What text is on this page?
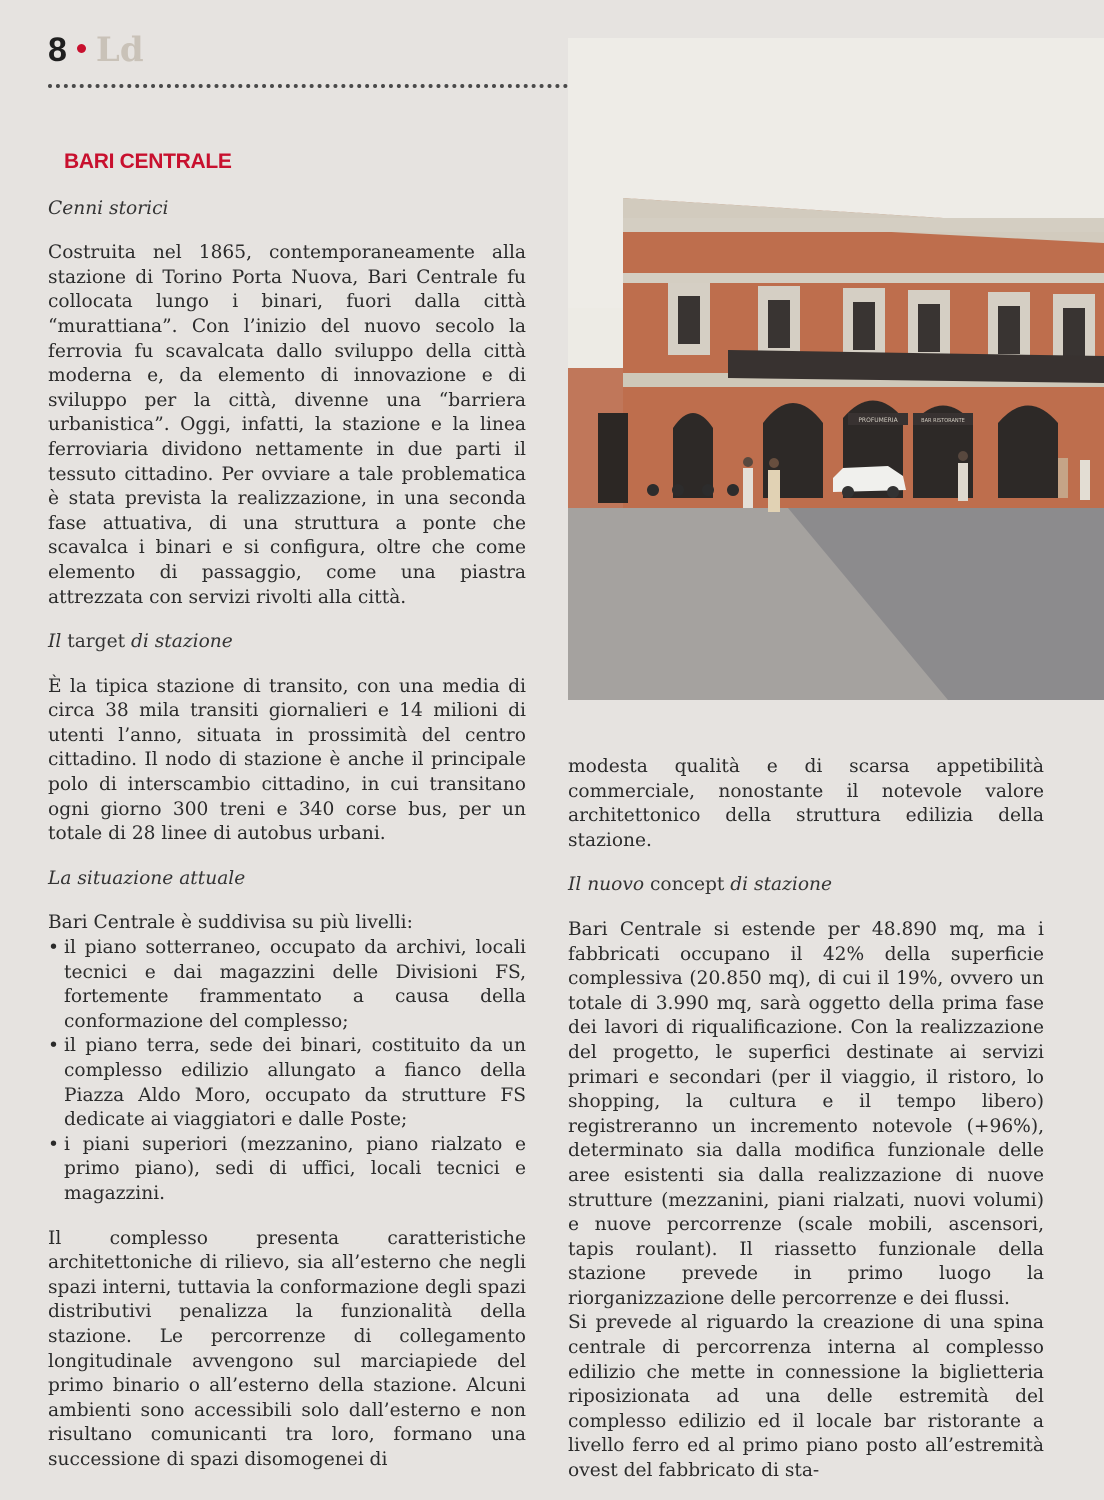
8 Ld
PROFUMERIA	BAR RISTORANTE
BARI CENTRALE
Cenni storici

Costruita nel 1865, contemporaneamente alla stazione di Torino Porta Nuova, Bari Centrale fu collocata lungo i binari, fuori dalla città “murattiana”. Con l’inizio del nuovo secolo la ferrovia fu scavalcata dallo sviluppo della città moderna e, da elemento di innovazione e di sviluppo per la città, divenne una “barriera urbanistica”. Oggi, infatti, la stazione e la linea ferroviaria dividono nettamente in due parti il tessuto cittadino. Per ovviare a tale problematica è stata prevista la realizzazione, in una seconda fase attuativa, di una struttura a ponte che scavalca i binari e si configura, oltre che come elemento di passaggio, come una piastra attrezzata con servizi rivolti alla città.

Il target di stazione

È la tipica stazione di transito, con una media di circa 38 mila transiti giornalieri e 14 milioni di utenti l’anno, situata in prossimità del centro cittadino. Il nodo di stazione è anche il principale polo di interscambio cittadino, in cui transitano ogni giorno 300 treni e 340 corse bus, per un totale di 28 linee di autobus urbani.

La situazione attuale

Bari Centrale è suddivisa su più livelli:

• il piano sotterraneo, occupato da archivi, locali tecnici e dai magazzini delle Divisioni FS, fortemente frammentato a causa della conformazione del complesso;
• il piano terra, sede dei binari, costituito da un complesso edilizio allungato a fianco della Piazza Aldo Moro, occupato da strutture FS dedicate ai viaggiatori e dalle Poste;
• i piani superiori (mezzanino, piano rialzato e primo piano), sedi di uffici, locali tecnici e magazzini.

Il complesso presenta caratteristiche architettoniche di rilievo, sia all’esterno che negli spazi interni, tuttavia la conformazione degli spazi distributivi penalizza la funzionalità della stazione. Le percorrenze di collegamento longitudinale avvengono sul marciapiede del primo binario o all’esterno della stazione. Alcuni ambienti sono accessibili solo dall’esterno e non risultano comunicanti tra loro, formano una successione di spazi disomogenei di

modesta qualità e di scarsa appetibilità commerciale, nonostante il notevole valore architettonico della struttura edilizia della stazione.

Il nuovo concept di stazione

Bari Centrale si estende per 48.890 mq, ma i fabbricati occupano il 42% della superficie complessiva (20.850 mq), di cui il 19%, ovvero un totale di 3.990 mq, sarà oggetto della prima fase dei lavori di riqualificazione. Con la realizzazione del progetto, le superfici destinate ai servizi primari e secondari (per il viaggio, il ristoro, lo shopping, la cultura e il tempo libero) registreranno un incremento notevole (+96%), determinato sia dalla modifica funzionale delle aree esistenti sia dalla realizzazione di nuove strutture (mezzanini, piani rialzati, nuovi volumi) e nuove percorrenze (scale mobili, ascensori, tapis roulant). Il riassetto funzionale della stazione prevede in primo luogo la riorganizzazione delle percorrenze e dei flussi.

Si prevede al riguardo la creazione di una spina centrale di percorrenza interna al complesso edilizio che mette in connessione la biglietteria riposizionata ad una delle estremità del complesso edilizio ed il locale bar ristorante a livello ferro ed al primo piano posto all’estremità ovest del fabbricato di sta-
